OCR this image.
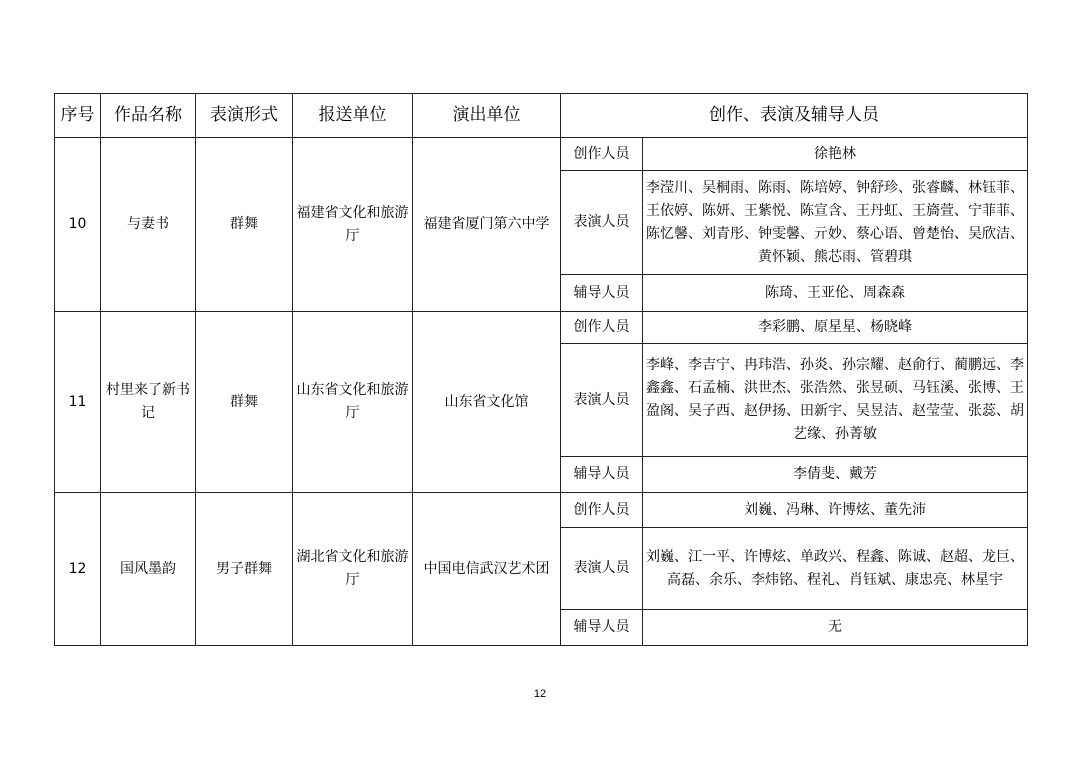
序号	作品名称	表演形式	报送单位	演出单位	创作、表演及辅导人员	
10	与妻书	群舞	福建省文化和旅游厅	福建省厦门第六中学	创作人员	徐艳林
					表演人员	李滢川、吴桐雨、陈雨、陈培婷、钟舒珍、张睿麟、林钰菲、王依婷、陈妍、王紫悦、陈宣含、王丹虹、王旖萱、宁菲菲、陈忆馨、刘青彤、钟雯馨、亓妙、蔡心语、曾楚怡、吴欣洁、黄怀颖、熊芯雨、管碧琪
					辅导人员	陈琦、王亚伦、周森森
11	村里来了新书记	群舞	山东省文化和旅游厅	山东省文化馆	创作人员	李彩鹏、原星星、杨晓峰
					表演人员	李峰、李吉宁、冉玮浩、孙炎、孙宗耀、赵俞行、蔺鹏远、李鑫鑫、石孟楠、洪世杰、张浩然、张昱硕、马钰溪、张博、王盈阁、吴子西、赵伊扬、田新宇、吴昱洁、赵莹莹、张蕊、胡艺缘、孙菁敏
					辅导人员	李倩斐、戴芳
12	国风墨韵	男子群舞	湖北省文化和旅游厅	中国电信武汉艺术团	创作人员	刘巍、冯琳、许博炫、董先沛
					表演人员	刘巍、江一平、许博炫、单政兴、程鑫、陈诚、赵超、龙巨、高磊、余乐、李炜铭、程礼、肖钰斌、康忠亮、林星宇
					辅导人员	无
12
